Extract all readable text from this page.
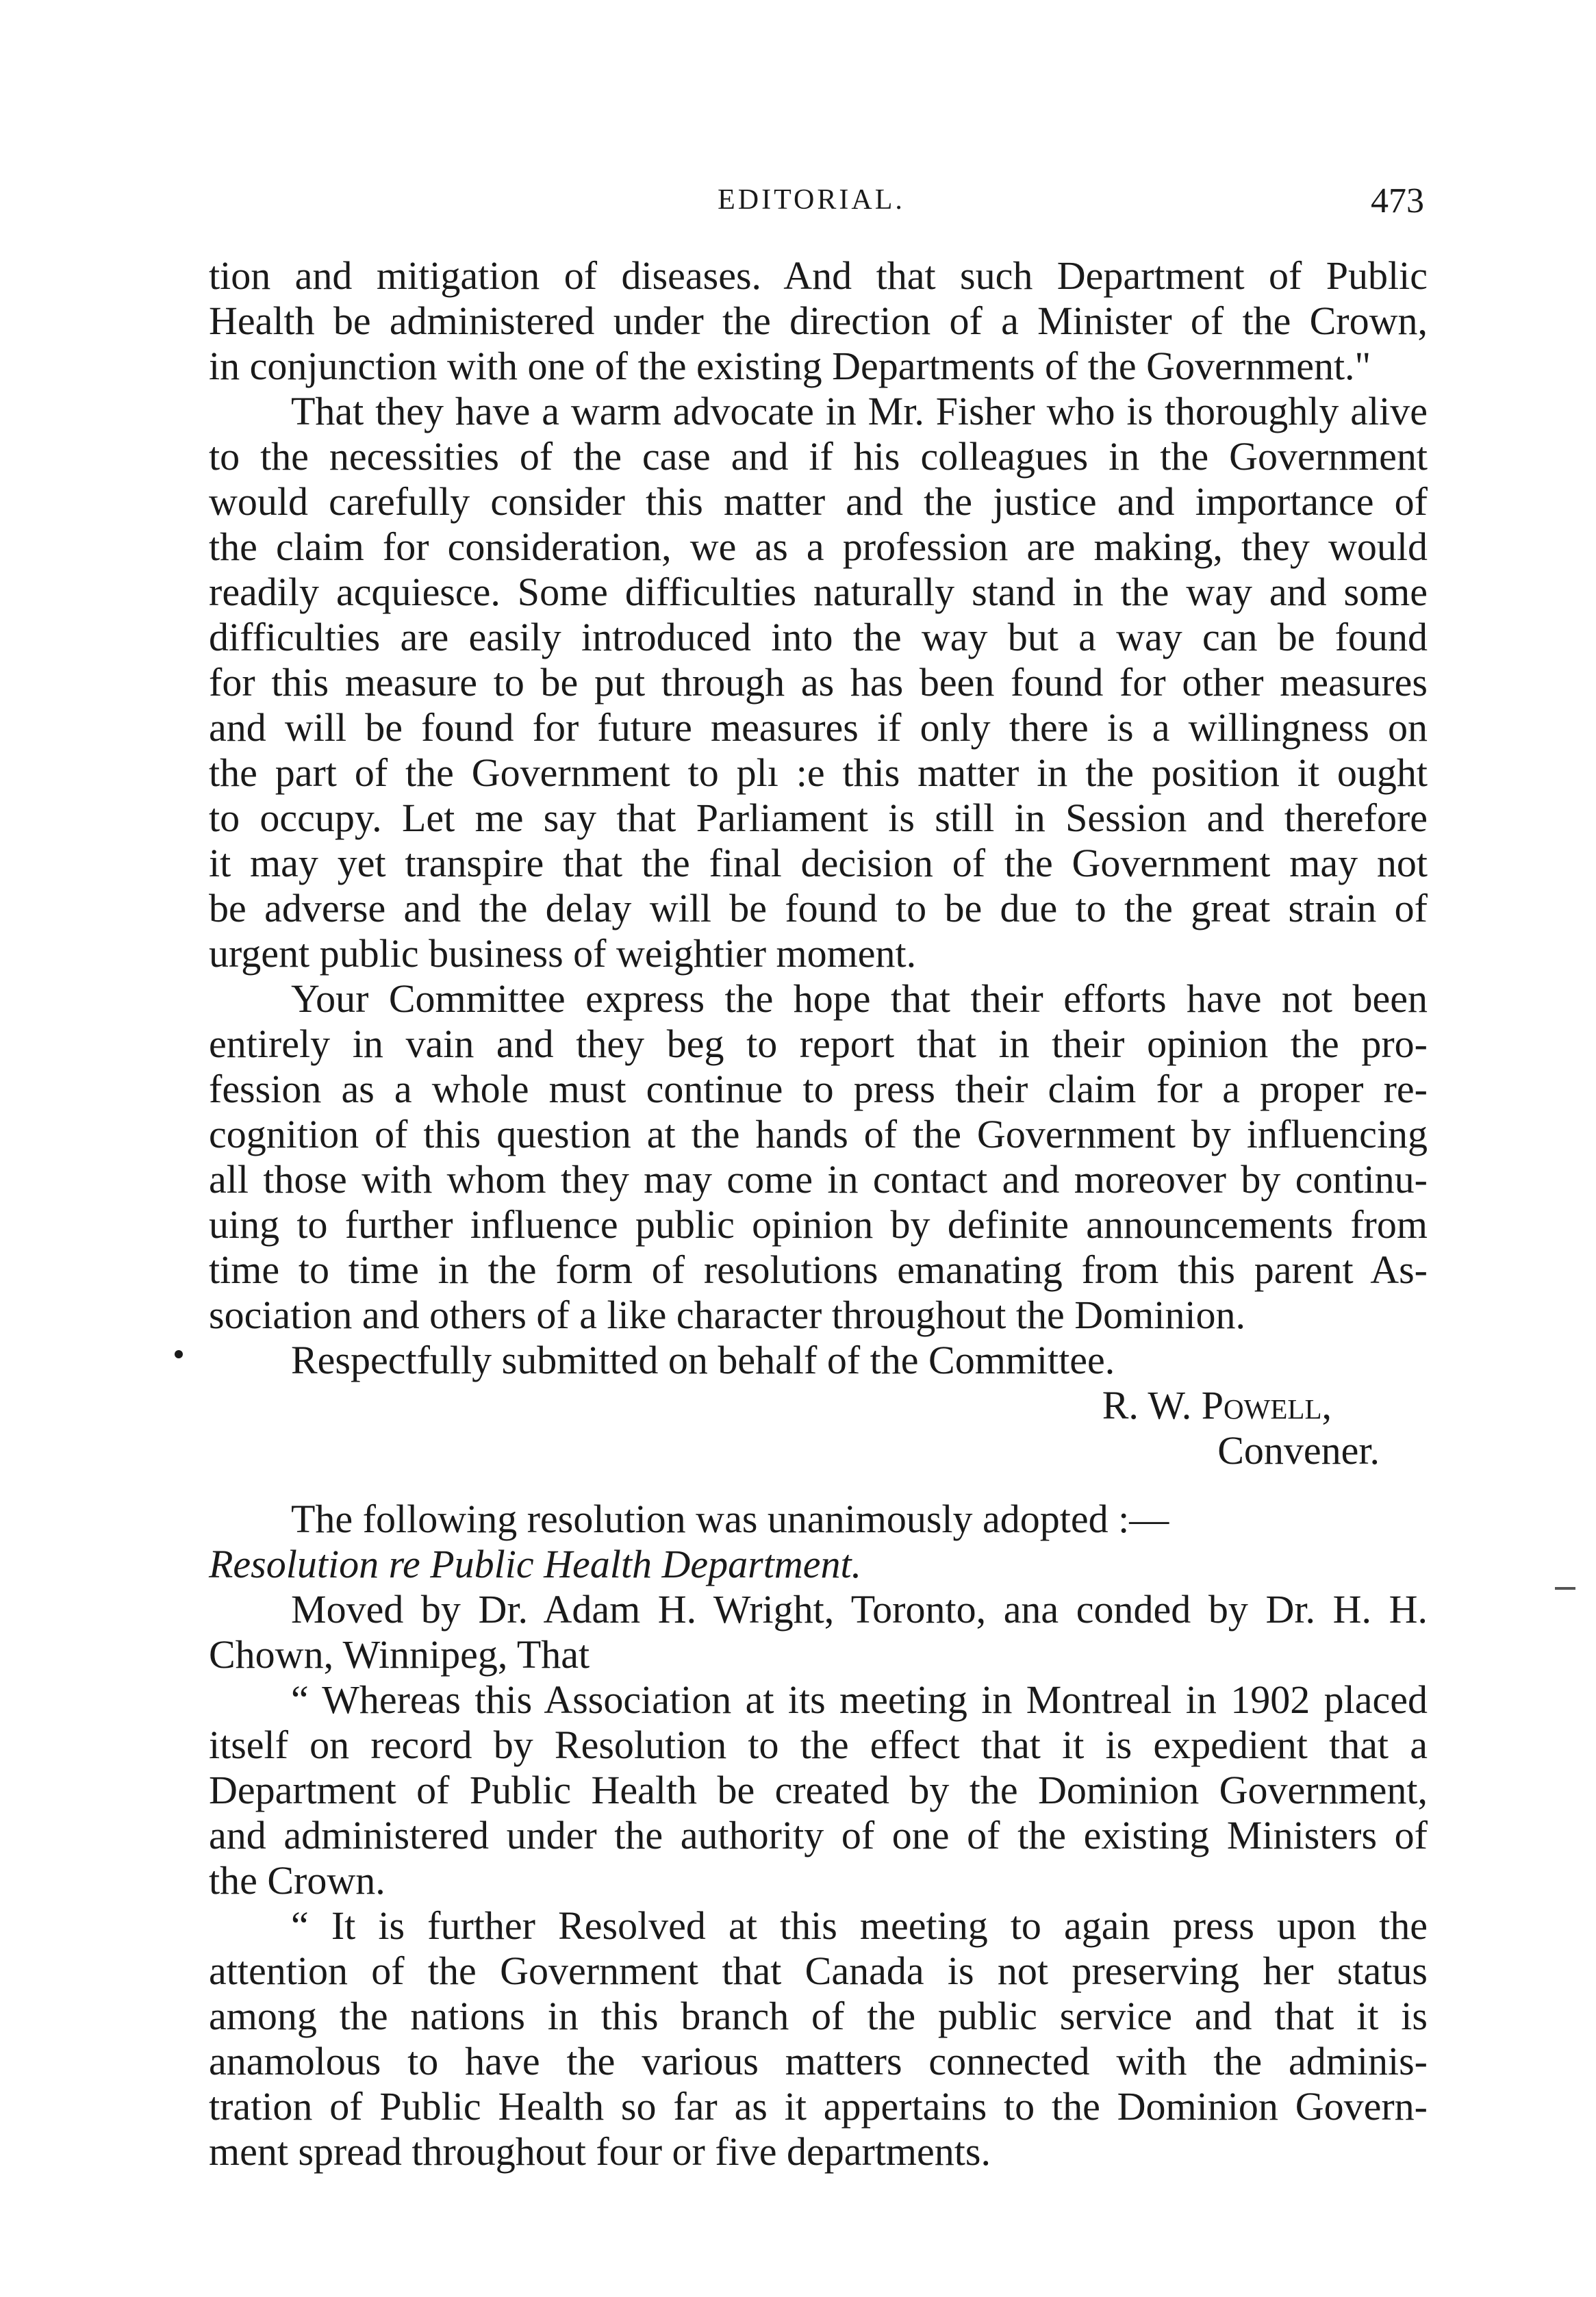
EDITORIAL.	473
tion and mitigation of diseases. And that such Department of Public
Health be administered under the direction of a Minister of the Crown,
in conjunction with one of the existing Departments of the Government."
That they have a warm advocate in Mr. Fisher who is thoroughly alive
to the necessities of the case and if his colleagues in the Government
would carefully consider this matter and the justice and importance of
the claim for consideration, we as a profession are making, they would
readily acquiesce. Some difficulties naturally stand in the way and some
difficulties are easily introduced into the way but a way can be found
for this measure to be put through as has been found for other measures
and will be found for future measures if only there is a willingness on
the part of the Government to plı :e this matter in the position it ought
to occupy. Let me say that Parliament is still in Session and therefore
it may yet transpire that the final decision of the Government may not
be adverse and the delay will be found to be due to the great strain of
urgent public business of weightier moment.
Your Committee express the hope that their efforts have not been
entirely in vain and they beg to report that in their opinion the pro-
fession as a whole must continue to press their claim for a proper re-
cognition of this question at the hands of the Government by influencing
all those with whom they may come in contact and moreover by continu-
uing to further influence public opinion by definite announcements from
time to time in the form of resolutions emanating from this parent As-
sociation and others of a like character throughout the Dominion.
Respectfully submitted on behalf of the Committee.
R. W. Powell,
Convener.
The following resolution was unanimously adopted :—
Resolution re Public Health Department.
Moved by Dr. Adam H. Wright, Toronto, ana conded by Dr. H. H.
Chown, Winnipeg, That
“ Whereas this Association at its meeting in Montreal in 1902 placed
itself on record by Resolution to the effect that it is expedient that a
Department of Public Health be created by the Dominion Government,
and administered under the authority of one of the existing Ministers of
the Crown.
“ It is further Resolved at this meeting to again press upon the
attention of the Government that Canada is not preserving her status
among the nations in this branch of the public service and that it is
anamolous to have the various matters connected with the adminis-
tration of Public Health so far as it appertains to the Dominion Govern-
ment spread throughout four or five departments.
